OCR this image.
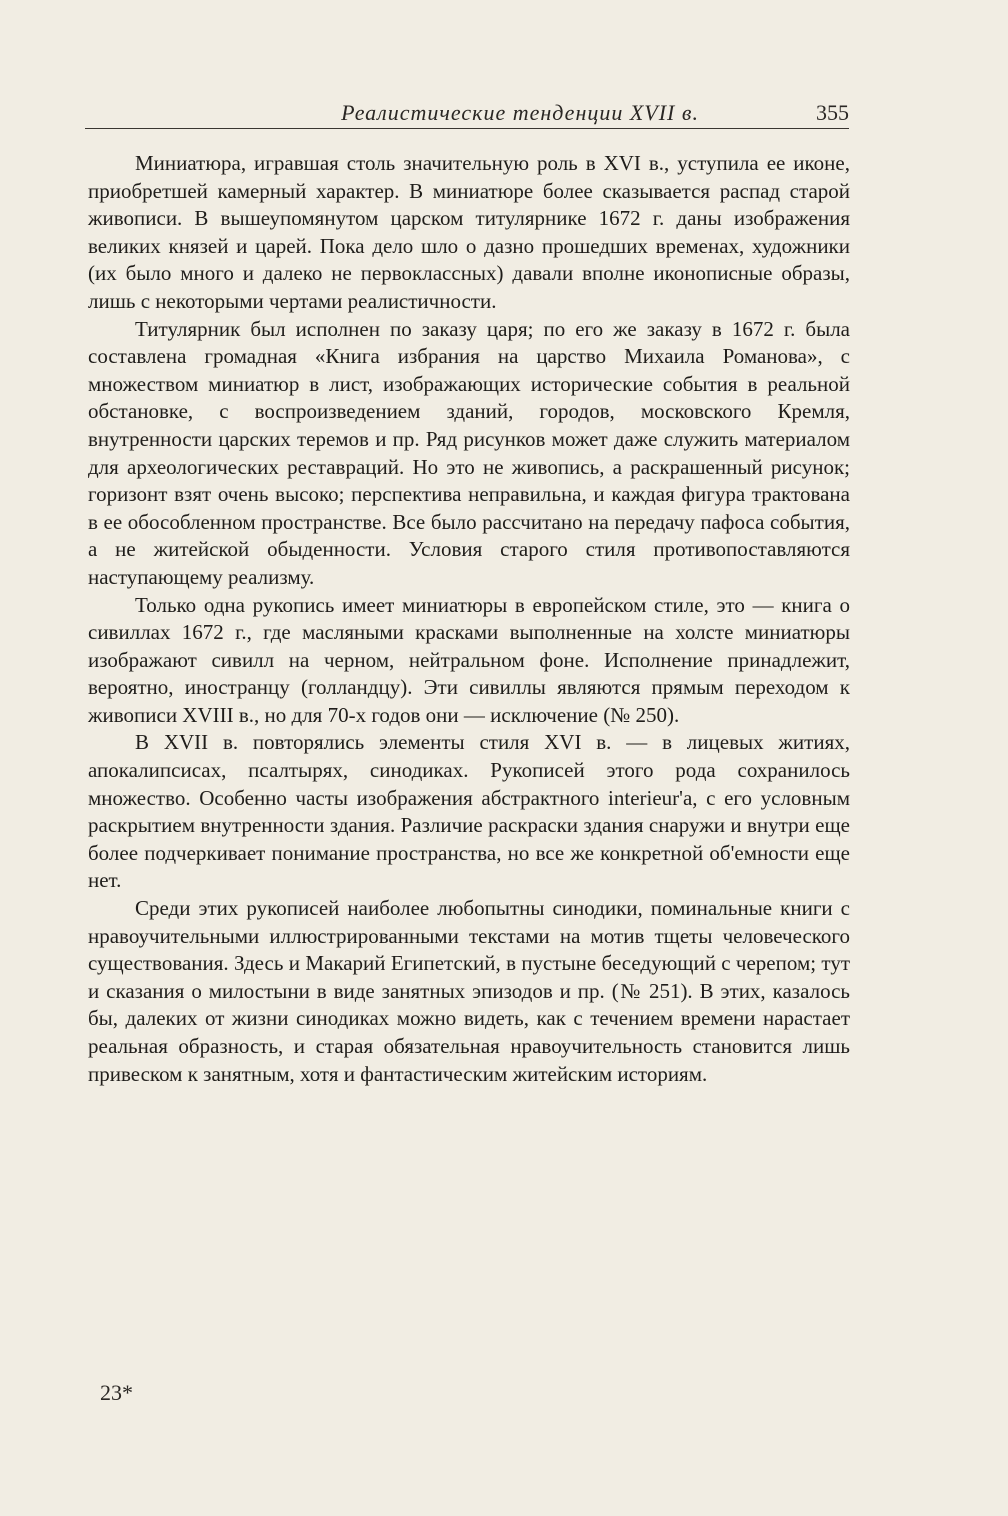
Реалистические тенденции XVII в.	355

Миниатюра, игравшая столь значительную роль в XVI в., уступила ее иконе, приобретшей камерный характер. В миниатюре более сказывается распад старой живописи. В вышеупомянутом царском титулярнике 1672 г. даны изображения великих князей и царей. Пока дело шло о дазно прошедших временах, художники (их было много и далеко не первоклассных) давали вполне иконописные образы, лишь с некоторыми чертами реалистичности.

Титулярник был исполнен по заказу царя; по его же заказу в 1672 г. была составлена громадная «Книга избрания на царство Михаила Романова», с множеством миниатюр в лист, изображающих исторические события в реальной обстановке, с воспроизведением зданий, городов, московского Кремля, внутренности царских теремов и пр. Ряд рисунков может даже служить материалом для археологических реставраций. Но это не живопись, а раскрашенный рисунок; горизонт взят очень высоко; перспектива неправильна, и каждая фигура трактована в ее обособленном пространстве. Все было рассчитано на передачу пафоса события, а не житейской обыденности. Условия старого стиля противопоставляются наступающему реализму.

Только одна рукопись имеет миниатюры в европейском стиле, это — книга о сивиллах 1672 г., где масляными красками выполненные на холсте миниатюры изображают сивилл на черном, нейтральном фоне. Исполнение принадлежит, вероятно, иностранцу (голландцу). Эти сивиллы являются прямым переходом к живописи XVIII в., но для 70-х годов они — исключение (№ 250).

В XVII в. повторялись элементы стиля XVI в. — в лицевых житиях, апокалипсисах, псалтырях, синодиках. Рукописей этого рода сохранилось множество. Особенно часты изображения абстрактного interieur'а, с его условным раскрытием внутренности здания. Различие раскраски здания снаружи и внутри еще более подчеркивает понимание пространства, но все же конкретной об'емности еще нет.

Среди этих рукописей наиболее любопытны синодики, поминальные книги с нравоучительными иллюстрированными текстами на мотив тщеты человеческого существования. Здесь и Макарий Египетский, в пустыне беседующий с черепом; тут и сказания о милостыни в виде занятных эпизодов и пр. (№ 251). В этих, казалось бы, далеких от жизни синодиках можно видеть, как с течением времени нарастает реальная образность, и старая обязательная нравоучительность становится лишь привеском к занятным, хотя и фантастическим житейским историям.

23*
